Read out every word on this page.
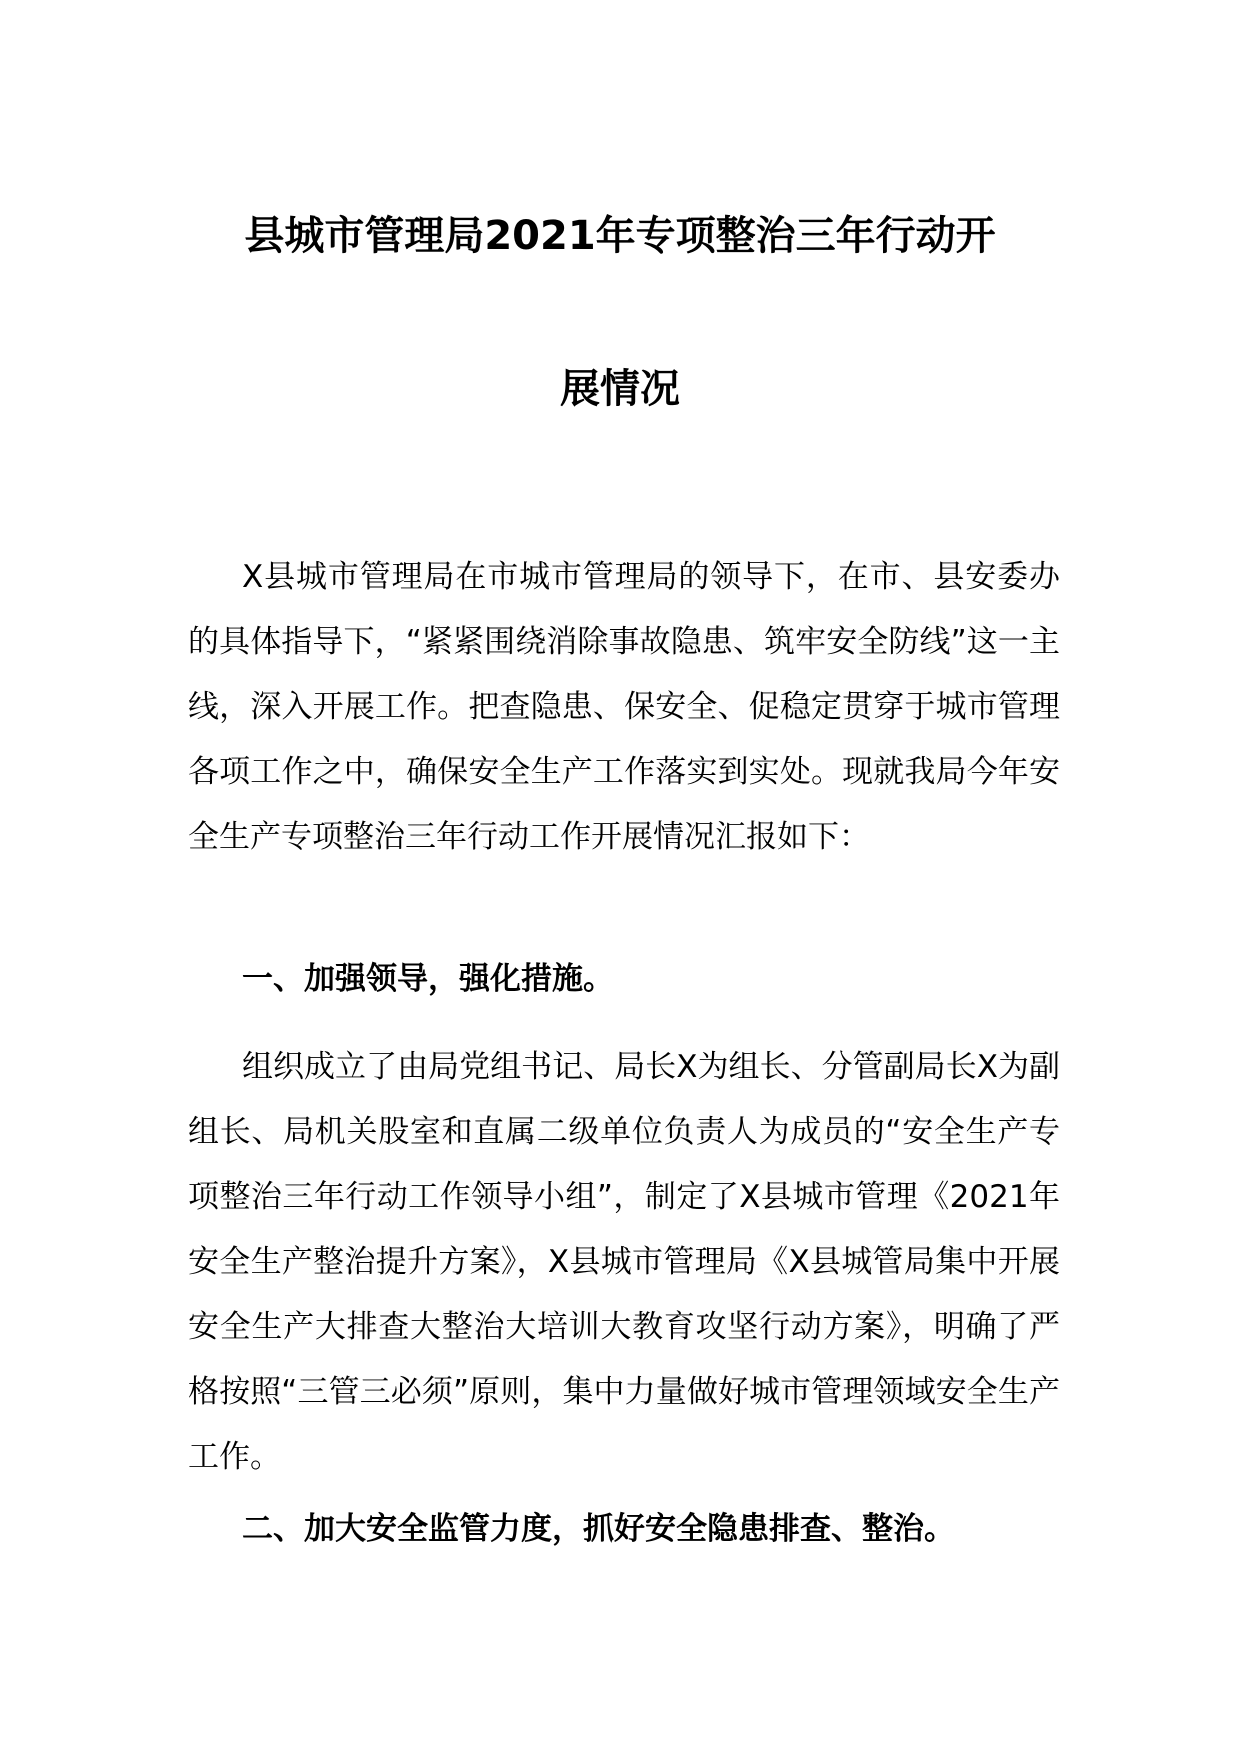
县城市管理局2021年专项整治三年行动开
展情况

X县城市管理局在市城市管理局的领导下，在市、县安委办的具体指导下，“紧紧围绕消除事故隐患、筑牢安全防线”这一主线，深入开展工作。把查隐患、保安全、促稳定贯穿于城市管理各项工作之中，确保安全生产工作落实到实处。现就我局今年安全生产专项整治三年行动工作开展情况汇报如下：

一、加强领导，强化措施。

组织成立了由局党组书记、局长X为组长、分管副局长X为副组长、局机关股室和直属二级单位负责人为成员的“安全生产专项整治三年行动工作领导小组”，制定了X县城市管理《2021年安全生产整治提升方案》，X县城市管理局《X县城管局集中开展安全生产大排查大整治大培训大教育攻坚行动方案》，明确了严格按照“三管三必须”原则，集中力量做好城市管理领域安全生产工作。

二、加大安全监管力度，抓好安全隐患排查、整治。
